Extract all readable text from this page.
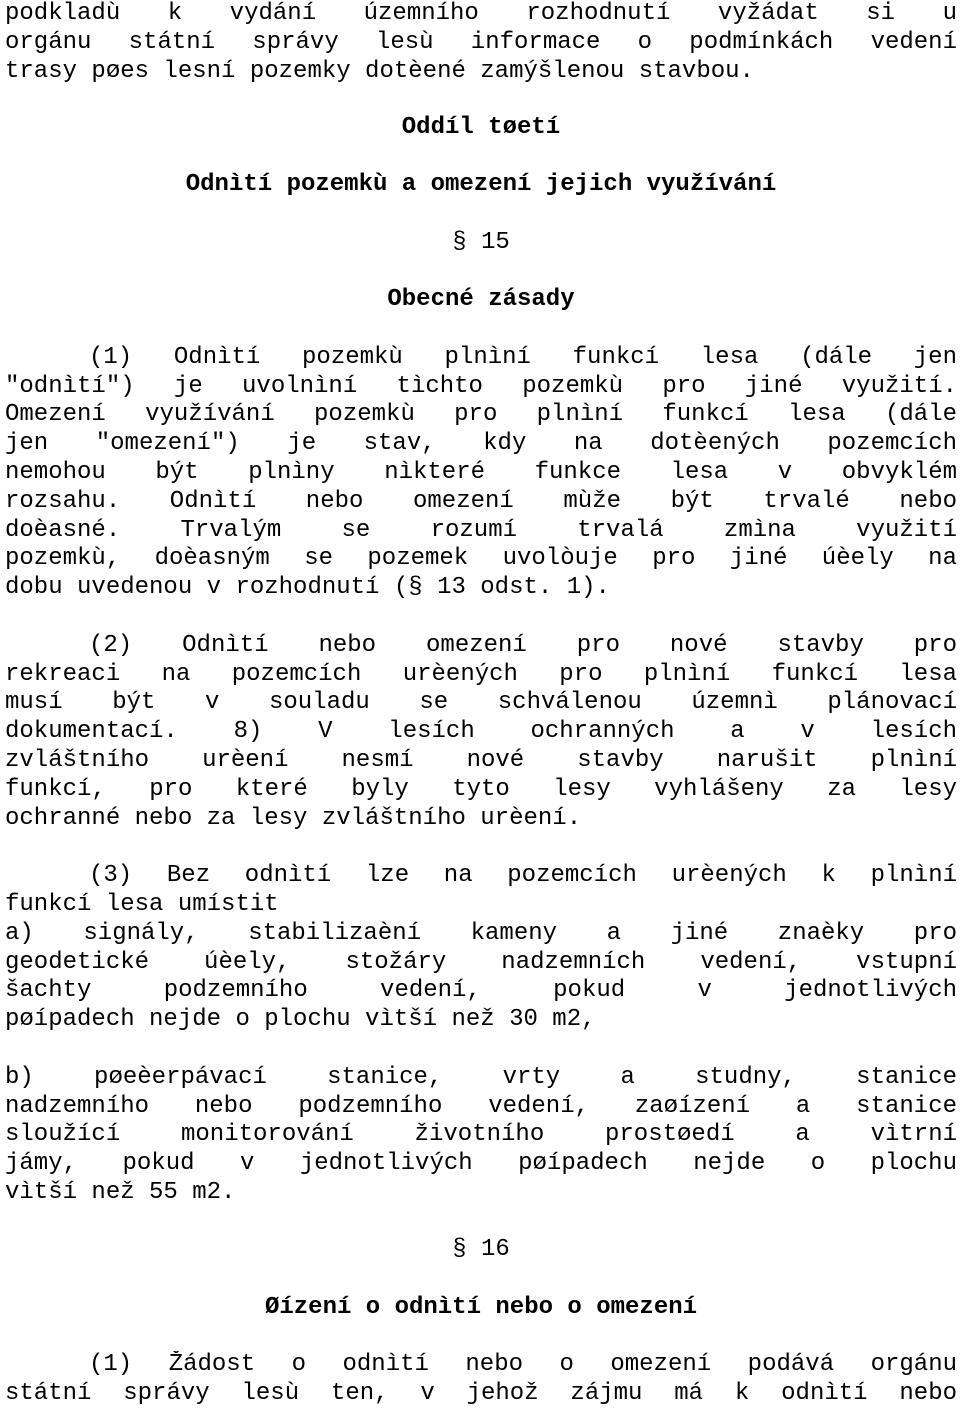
podkladù k vydání územního rozhodnutí vyžádat si u
orgánu státní správy lesù informace o podmínkách vedení
trasy pøes lesní pozemky dotèené zamýšlenou stavbou.
Oddíl tøetí
Odnìtí pozemkù a omezení jejich využívání
§ 15
Obecné zásady
(1) Odnìtí pozemkù plnìní funkcí lesa (dále jen
"odnìtí") je uvolnìní tìchto pozemkù pro jiné využití.
Omezení využívání pozemkù pro plnìní funkcí lesa (dále
jen "omezení") je stav, kdy na dotèených pozemcích
nemohou být plnìny nìkteré funkce lesa v obvyklém
rozsahu. Odnìtí nebo omezení mùže být trvalé nebo
doèasné. Trvalým se rozumí trvalá zmìna využití
pozemkù, doèasným se pozemek uvolòuje pro jiné úèely na
dobu uvedenou v rozhodnutí (§ 13 odst. 1).
(2) Odnìtí nebo omezení pro nové stavby pro
rekreaci na pozemcích urèených pro plnìní funkcí lesa
musí být v souladu se schválenou územnì plánovací
dokumentací. 8) V lesích ochranných a v lesích
zvláštního urèení nesmí nové stavby narušit plnìní
funkcí, pro které byly tyto lesy vyhlášeny za lesy
ochranné nebo za lesy zvláštního urèení.
(3) Bez odnìtí lze na pozemcích urèených k plnìní
funkcí lesa umístit
a) signály, stabilizaèní kameny a jiné znaèky pro
geodetické úèely, stožáry nadzemních vedení, vstupní
šachty podzemního vedení, pokud v jednotlivých
pøípadech nejde o plochu vìtší než 30 m2,
b) pøeèerpávací stanice, vrty a studny, stanice
nadzemního nebo podzemního vedení, zaøízení a stanice
sloužící monitorování životního prostøedí a vìtrní
jámy, pokud v jednotlivých pøípadech nejde o plochu
vìtší než 55 m2.
§ 16
Øízení o odnìtí nebo o omezení
(1) Žádost o odnìtí nebo o omezení podává orgánu
státní správy lesù ten, v jehož zájmu má k odnìtí nebo
